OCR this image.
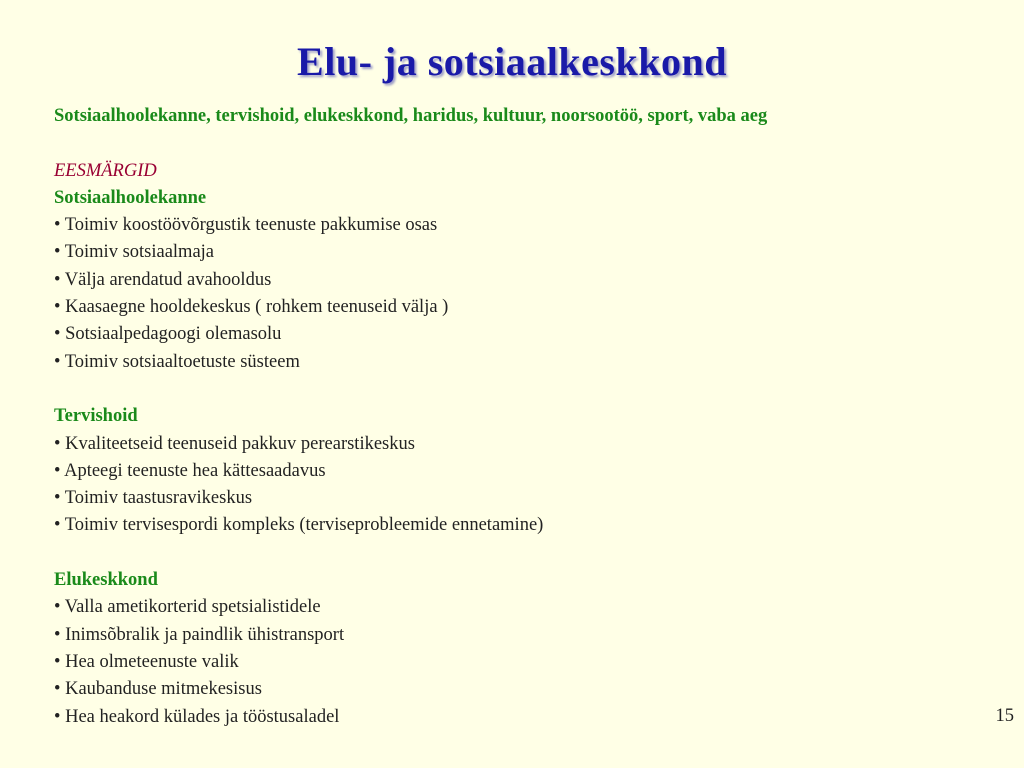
Elu- ja sotsiaalkeskkond
Sotsiaalhoolekanne, tervishoid, elukeskkond, haridus, kultuur, noorsootöö, sport, vaba aeg
EESMÄRGID
Sotsiaalhoolekanne
• Toimiv koostöövõrgustik teenuste pakkumise osas
• Toimiv sotsiaalmaja
• Välja arendatud avahooldus
• Kaasaegne hooldekeskus ( rohkem teenuseid välja )
• Sotsiaalpedagoogi olemasolu
• Toimiv sotsiaaltoetuste süsteem
Tervishoid
• Kvaliteetseid teenuseid pakkuv perearstikeskus
• Apteegi teenuste hea kättesaadavus
• Toimiv taastusravikeskus
• Toimiv tervisespordi kompleks (terviseprobleemide ennetamine)
Elukeskkond
• Valla ametikorterid spetsialistidele
• Inimsõbralik ja paindlik ühistransport
• Hea olmeteenuste valik
• Kaubanduse mitmekesisus
• Hea heakord külades ja tööstusaladel	15
